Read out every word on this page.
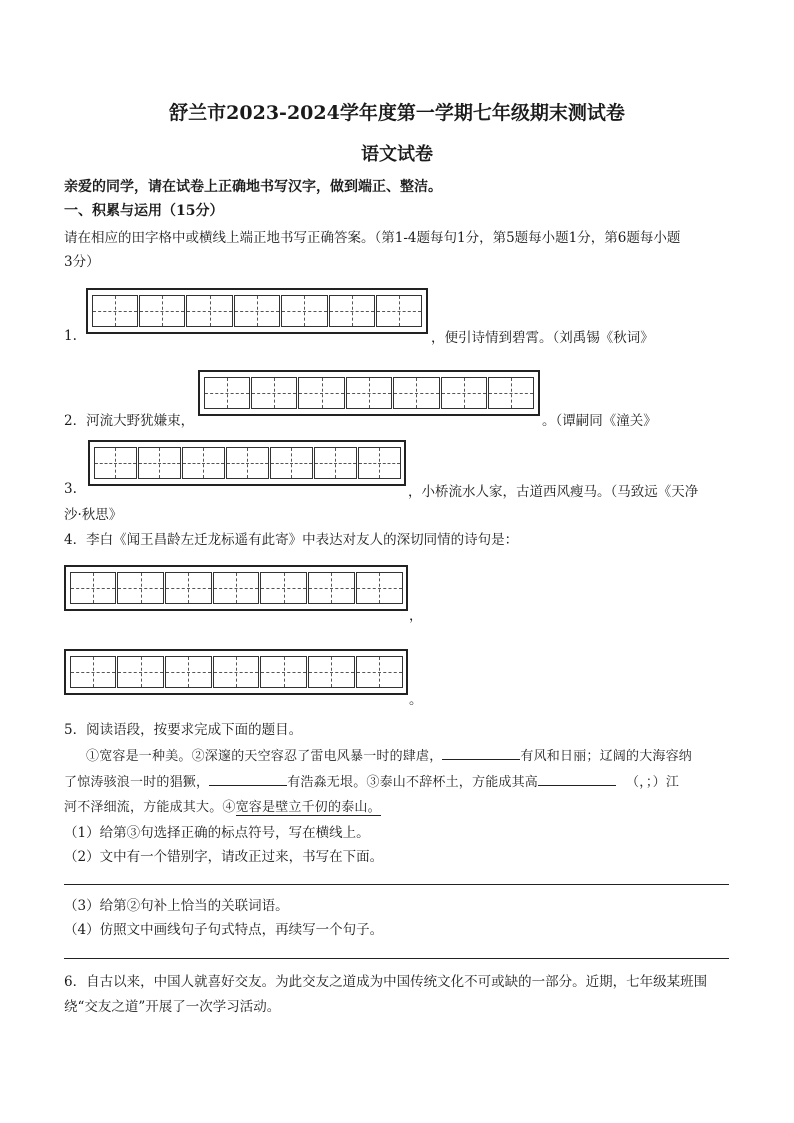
舒兰市2023-2024学年度第一学期七年级期末测试卷
语文试卷
亲爱的同学，请在试卷上正确地书写汉字，做到端正、整洁。
一、积累与运用（15分）
请在相应的田字格中或横线上端正地书写正确答案。（第1-4题每句1分，第5题每小题1分，第6题每小题
3分）
1.	，便引诗情到碧霄。（刘禹锡《秋词》
2．河流大野犹嫌束，	。（谭嗣同《潼关》
3.	，小桥流水人家，古道西风瘦马。（马致远《天净
沙·秋思》
4．李白《闻王昌龄左迁龙标遥有此寄》中表达对友人的深切同情的诗句是：
，
。
5．阅读语段，按要求完成下面的题目。
①宽容是一种美。②深邃的天空容忍了雷电风暴一时的肆虐，	有风和日丽；辽阔的大海容纳
了惊涛骇浪一时的猖獗，	有浩淼无垠。③泰山不辞杯土，方能成其高	（，；）江
河不泽细流，方能成其大。④宽容是壁立千仞的泰山。
（1）给第③句选择正确的标点符号，写在横线上。
（2）文中有一个错别字，请改正过来，书写在下面。
（3）给第②句补上恰当的关联词语。
（4）仿照文中画线句子句式特点，再续写一个句子。
6．自古以来，中国人就喜好交友。为此交友之道成为中国传统文化不可或缺的一部分。近期，七年级某班围
绕“交友之道”开展了一次学习活动。
